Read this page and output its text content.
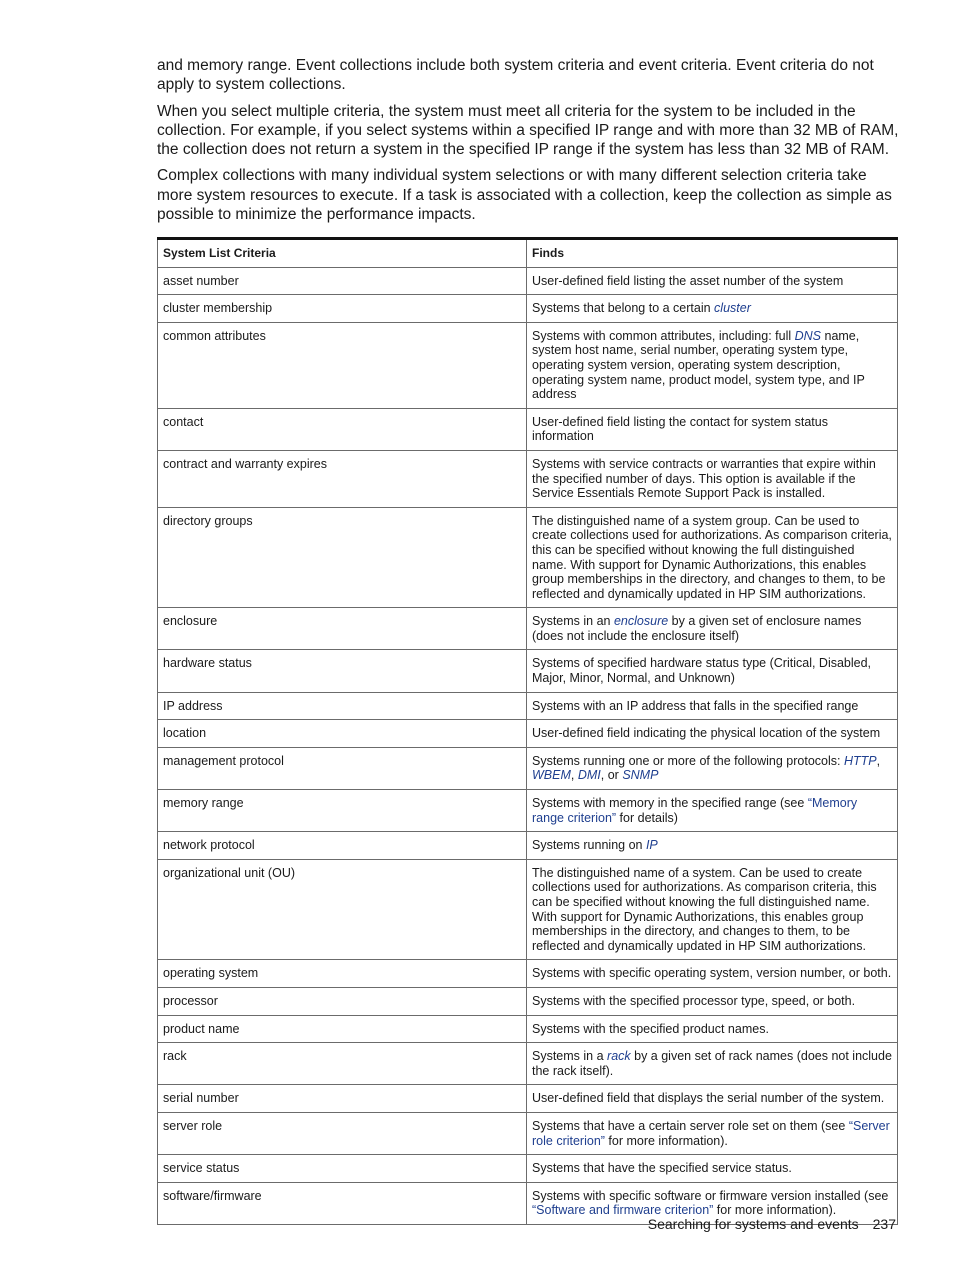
and memory range. Event collections include both system criteria and event criteria. Event criteria do not apply to system collections.

When you select multiple criteria, the system must meet all criteria for the system to be included in the collection. For example, if you select systems within a specified IP range and with more than 32 MB of RAM, the collection does not return a system in the specified IP range if the system has less than 32 MB of RAM.

Complex collections with many individual system selections or with many different selection criteria take more system resources to execute. If a task is associated with a collection, keep the collection as simple as possible to minimize the performance impacts.

System List Criteria	Finds
asset number	User-defined field listing the asset number of the system
cluster membership	Systems that belong to a certain cluster
common attributes	Systems with common attributes, including: full DNS name, system host name, serial number, operating system type, operating system version, operating system description, operating system name, product model, system type, and IP address
contact	User-defined field listing the contact for system status information
contract and warranty expires	Systems with service contracts or warranties that expire within the specified number of days. This option is available if the Service Essentials Remote Support Pack is installed.
directory groups	The distinguished name of a system group. Can be used to create collections used for authorizations. As comparison criteria, this can be specified without knowing the full distinguished name. With support for Dynamic Authorizations, this enables group memberships in the directory, and changes to them, to be reflected and dynamically updated in HP SIM authorizations.
enclosure	Systems in an enclosure by a given set of enclosure names (does not include the enclosure itself)
hardware status	Systems of specified hardware status type (Critical, Disabled, Major, Minor, Normal, and Unknown)
IP address	Systems with an IP address that falls in the specified range
location	User-defined field indicating the physical location of the system
management protocol	Systems running one or more of the following protocols: HTTP, WBEM, DMI, or SNMP
memory range	Systems with memory in the specified range (see “Memory range criterion” for details)
network protocol	Systems running on IP
organizational unit (OU)	The distinguished name of a system. Can be used to create collections used for authorizations. As comparison criteria, this can be specified without knowing the full distinguished name. With support for Dynamic Authorizations, this enables group memberships in the directory, and changes to them, to be reflected and dynamically updated in HP SIM authorizations.
operating system	Systems with specific operating system, version number, or both.
processor	Systems with the specified processor type, speed, or both.
product name	Systems with the specified product names.
rack	Systems in a rack by a given set of rack names (does not include the rack itself).
serial number	User-defined field that displays the serial number of the system.
server role	Systems that have a certain server role set on them (see “Server role criterion” for more information).
service status	Systems that have the specified service status.
software/firmware	Systems with specific software or firmware version installed (see “Software and firmware criterion” for more information).
Searching for systems and events 237
